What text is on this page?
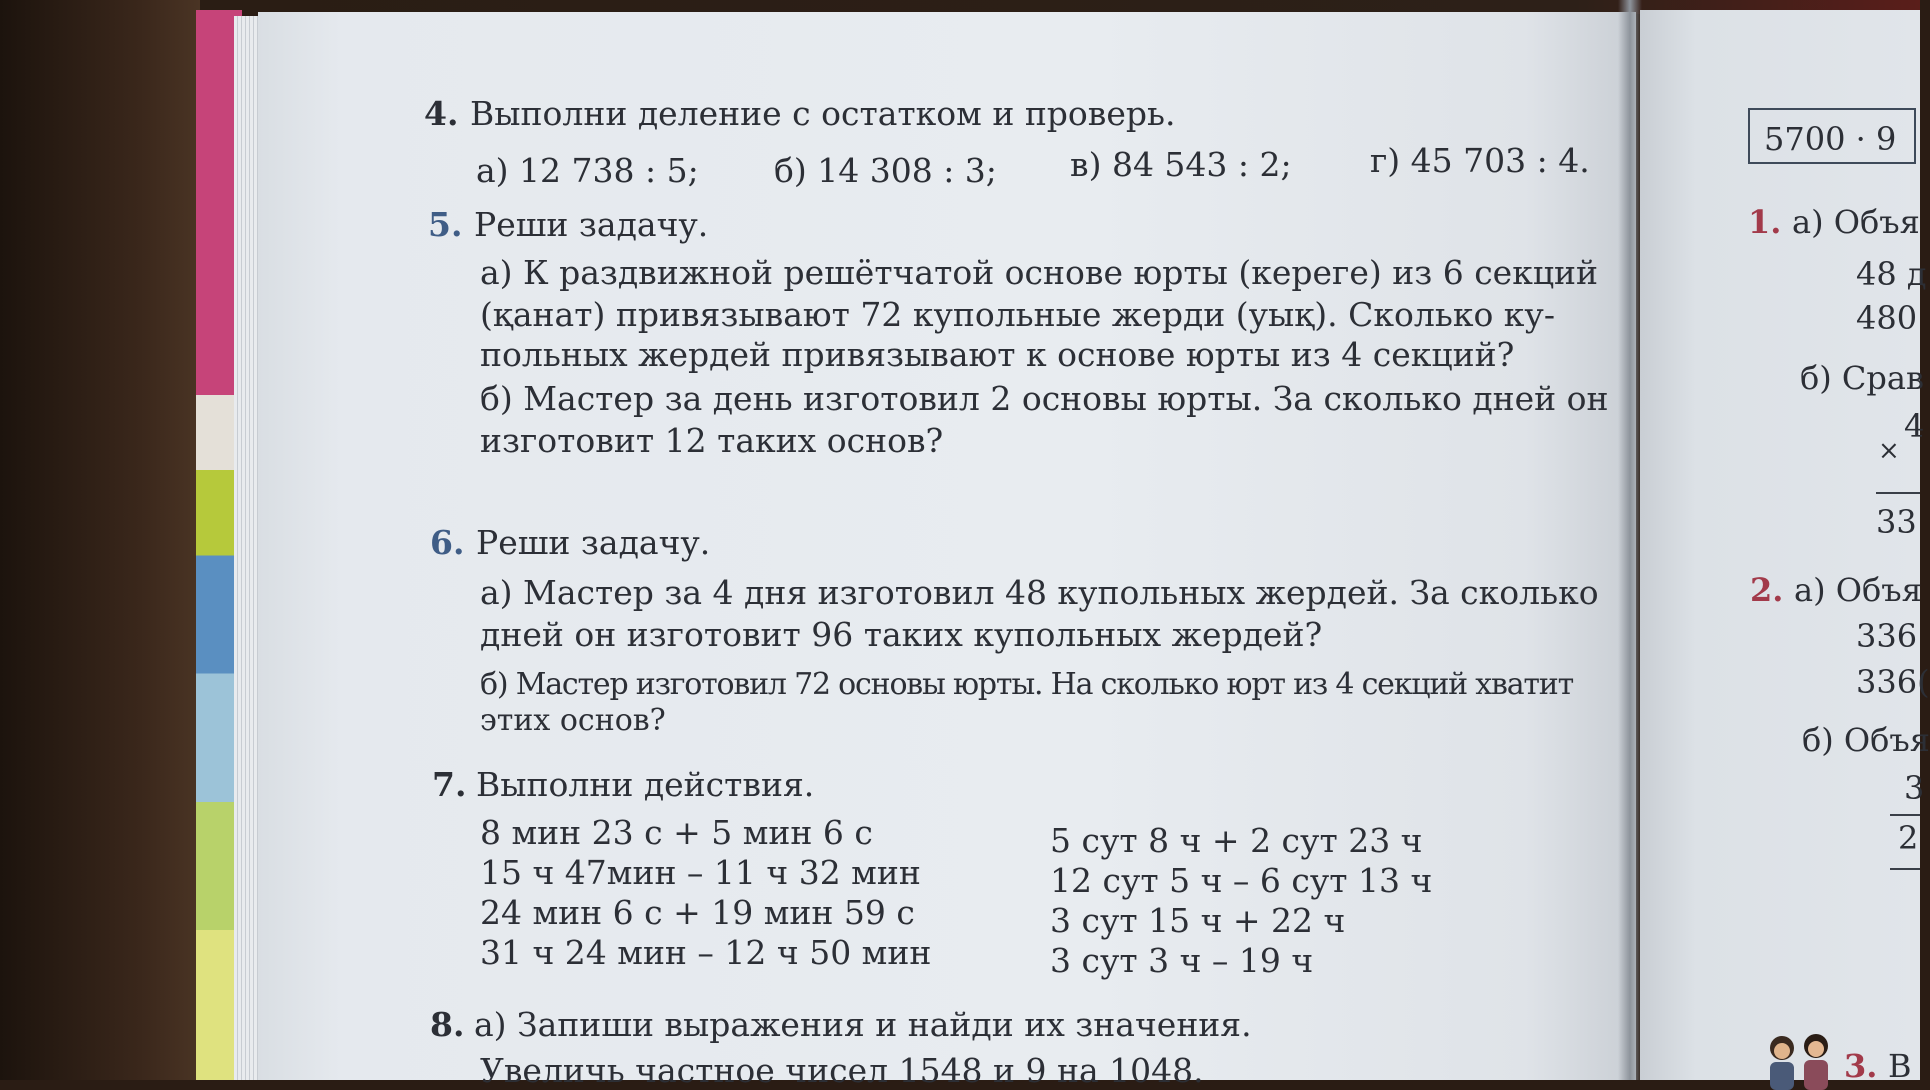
4. Выполни деление с остатком и проверь.
а) 12 738 : 5; б) 14 308 : 3; в) 84 543 : 2; г) 45 703 : 4.
5. Реши задачу.
а) К раздвижной решётчатой основе юрты (кереге) из 6 секций
(қанат) привязывают 72 купольные жерди (уық). Сколько ку-
польных жердей привязывают к основе юрты из 4 секций?
б) Мастер за день изготовил 2 основы юрты. За сколько дней он
изготовит 12 таких основ?
6. Реши задачу.
а) Мастер за 4 дня изготовил 48 купольных жердей. За сколько
дней он изготовит 96 таких купольных жердей?
б) Мастер изготовил 72 основы юрты. На сколько юрт из 4 секций хватит
этих основ?
7. Выполни действия.
8 мин 23 с + 5 мин 6 с
15 ч 47мин – 11 ч 32 мин
24 мин 6 с + 19 мин 59 с
31 ч 24 мин – 12 ч 50 мин
5 сут 8 ч + 2 сут 23 ч
12 сут 5 ч – 6 сут 13 ч
3 сут 15 ч + 22 ч
3 сут 3 ч – 19 ч
8. а) Запиши выражения и найди их значения.
Увеличь частное чисел 1548 и 9 на 1048.
5700 · 9
1. а) Объя
48 д
480
б) Срав
4
×
33
2. а) Объя
336
336(
б) Объя
3
2
3. В
